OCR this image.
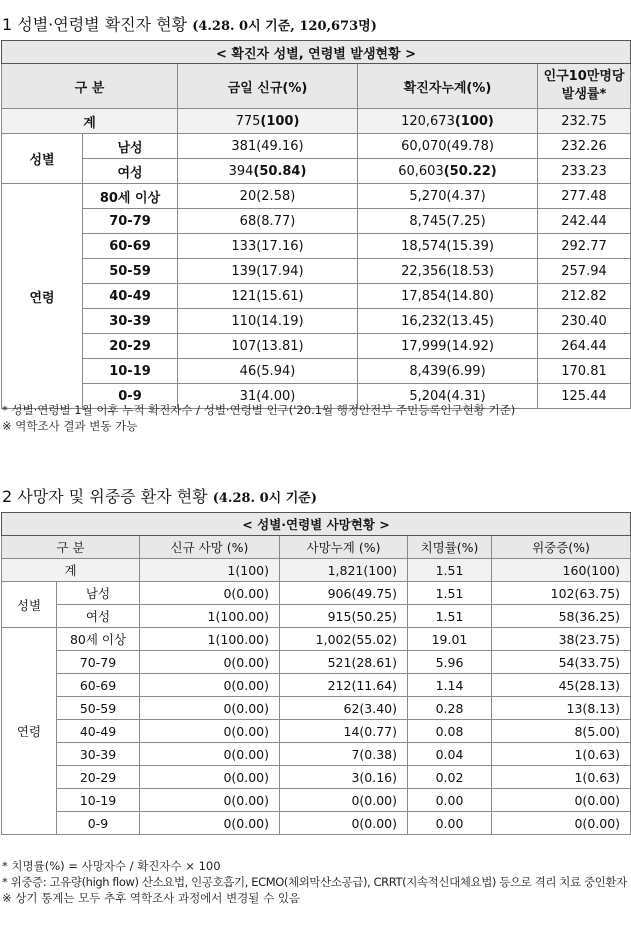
1 성별·연령별 확진자 현황 (4.28. 0시 기준, 120,673명)
< 확진자 성별, 연령별 발생현황 >				
구 분		금일 신규(%)	확진자누계(%)	인구10만명당
발생률*
계		775(100)	120,673(100)	232.75
성별	남성	381(49.16)	60,070(49.78)	232.26
	여성	394(50.84)	60,603(50.22)	233.23
연령	80세 이상	20(2.58)	5,270(4.37)	277.48
	70-79	68(8.77)	8,745(7.25)	242.44
	60-69	133(17.16)	18,574(15.39)	292.77
	50-59	139(17.94)	22,356(18.53)	257.94
	40-49	121(15.61)	17,854(14.80)	212.82
	30-39	110(14.19)	16,232(13.45)	230.40
	20-29	107(13.81)	17,999(14.92)	264.44
	10-19	46(5.94)	8,439(6.99)	170.81
	0-9	31(4.00)	5,204(4.31)	125.44
* 성별·연령별 1월 이후 누적 확진자수 / 성별·연령별 인구('20.1월 행정안전부 주민등록인구현황 기준)
※ 역학조사 결과 변동 가능
2 사망자 및 위중증 환자 현황 (4.28. 0시 기준)
< 성별·연령별 사망현황 >					
구 분		신규 사망 (%)	사망누계 (%)	치명률(%)	위중증(%)
계		1(100)	1,821(100)	1.51	160(100)
성별	남성	0(0.00)	906(49.75)	1.51	102(63.75)
	여성	1(100.00)	915(50.25)	1.51	58(36.25)
연령	80세 이상	1(100.00)	1,002(55.02)	19.01	38(23.75)
	70-79	0(0.00)	521(28.61)	5.96	54(33.75)
	60-69	0(0.00)	212(11.64)	1.14	45(28.13)
	50-59	0(0.00)	62(3.40)	0.28	13(8.13)
	40-49	0(0.00)	14(0.77)	0.08	8(5.00)
	30-39	0(0.00)	7(0.38)	0.04	1(0.63)
	20-29	0(0.00)	3(0.16)	0.02	1(0.63)
	10-19	0(0.00)	0(0.00)	0.00	0(0.00)
	0-9	0(0.00)	0(0.00)	0.00	0(0.00)
* 치명률(%) = 사망자수 / 확진자수 × 100
* 위중증: 고유량(high flow) 산소요법, 인공호흡기, ECMO(체외막산소공급), CRRT(지속적신대체요법) 등으로 격리 치료 중인환자
※ 상기 통계는 모두 추후 역학조사 과정에서 변경될 수 있음
